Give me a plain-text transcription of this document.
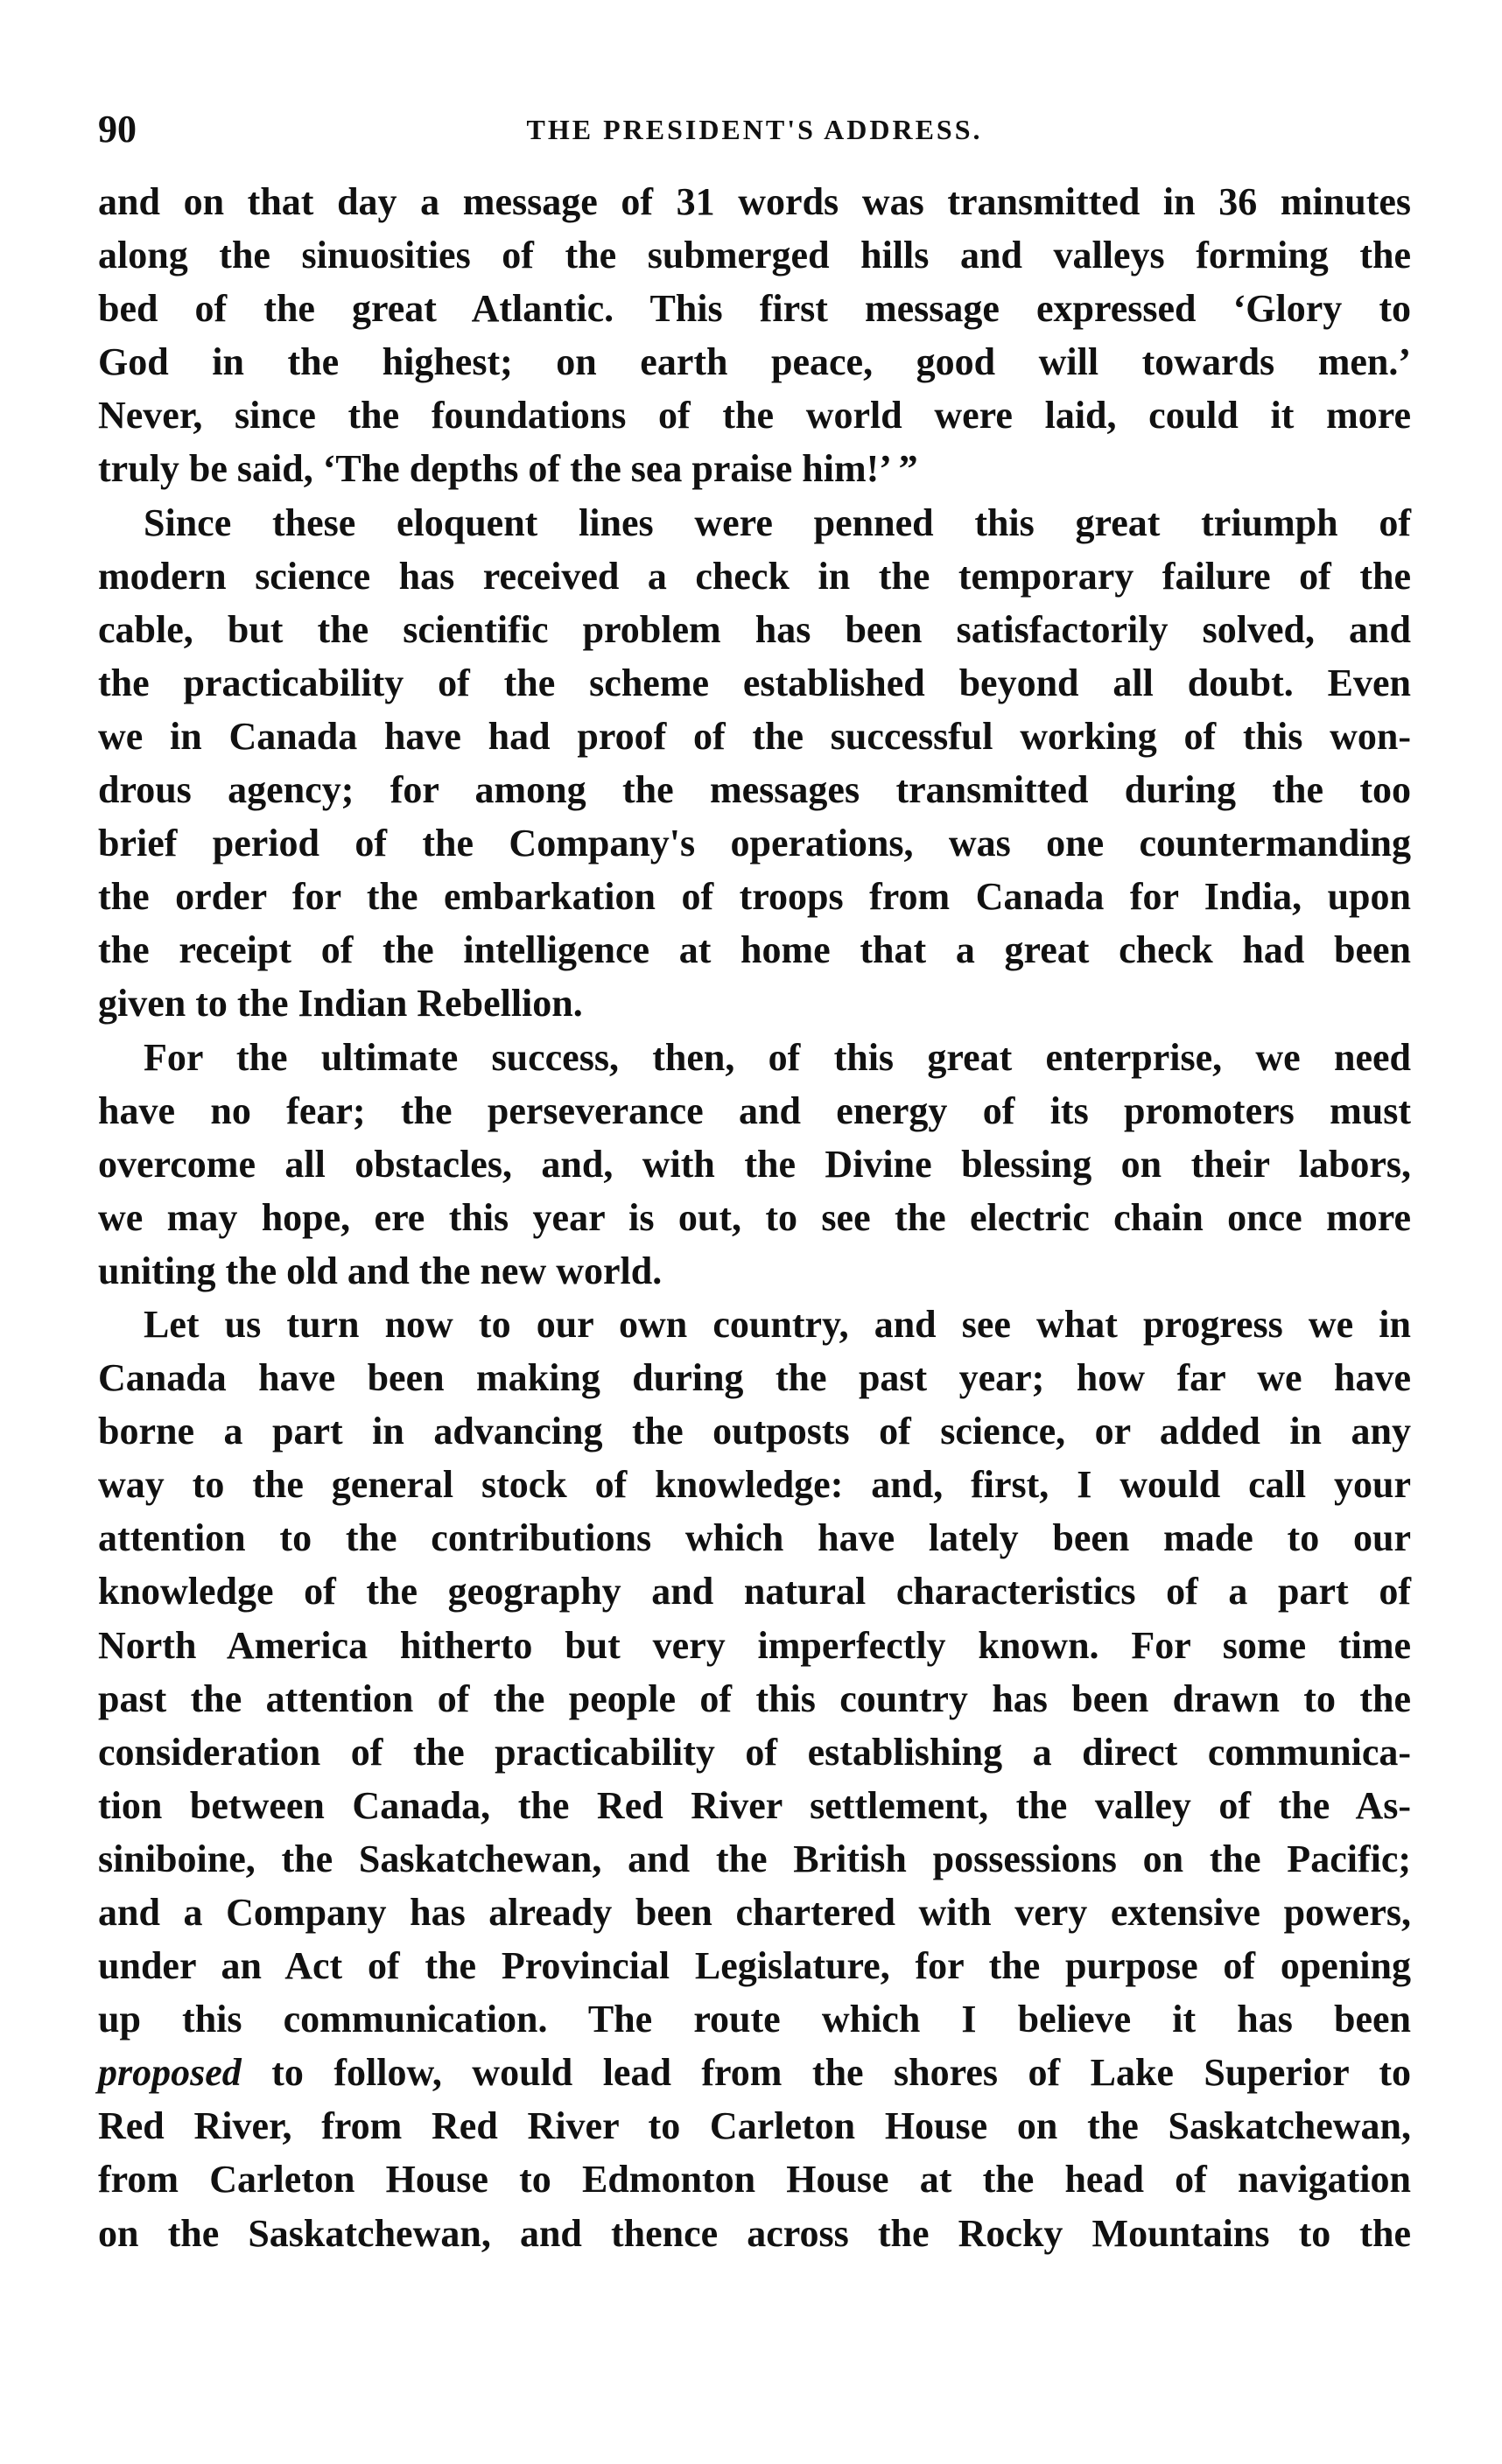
90	THE PRESIDENT'S ADDRESS.
and on that day a message of 31 words was transmitted in 36 minutes
along the sinuosities of the submerged hills and valleys forming the
bed of the great Atlantic. This first message expressed ‘Glory to
God in the highest; on earth peace, good will towards men.’
Never, since the foundations of the world were laid, could it more
truly be said, ‘The depths of the sea praise him!’ ”
Since these eloquent lines were penned this great triumph of
modern science has received a check in the temporary failure of the
cable, but the scientific problem has been satisfactorily solved, and
the practicability of the scheme established beyond all doubt. Even
we in Canada have had proof of the successful working of this won-
drous agency; for among the messages transmitted during the too
brief period of the Company's operations, was one countermanding
the order for the embarkation of troops from Canada for India, upon
the receipt of the intelligence at home that a great check had been
given to the Indian Rebellion.
For the ultimate success, then, of this great enterprise, we need
have no fear; the perseverance and energy of its promoters must
overcome all obstacles, and, with the Divine blessing on their labors,
we may hope, ere this year is out, to see the electric chain once more
uniting the old and the new world.
Let us turn now to our own country, and see what progress we in
Canada have been making during the past year; how far we have
borne a part in advancing the outposts of science, or added in any
way to the general stock of knowledge: and, first, I would call your
attention to the contributions which have lately been made to our
knowledge of the geography and natural characteristics of a part of
North America hitherto but very imperfectly known. For some time
past the attention of the people of this country has been drawn to the
consideration of the practicability of establishing a direct communica-
tion between Canada, the Red River settlement, the valley of the As-
siniboine, the Saskatchewan, and the British possessions on the Pacific;
and a Company has already been chartered with very extensive powers,
under an Act of the Provincial Legislature, for the purpose of opening
up this communication. The route which I believe it has been
proposed to follow, would lead from the shores of Lake Superior to
Red River, from Red River to Carleton House on the Saskatchewan,
from Carleton House to Edmonton House at the head of navigation
on the Saskatchewan, and thence across the Rocky Mountains to the
